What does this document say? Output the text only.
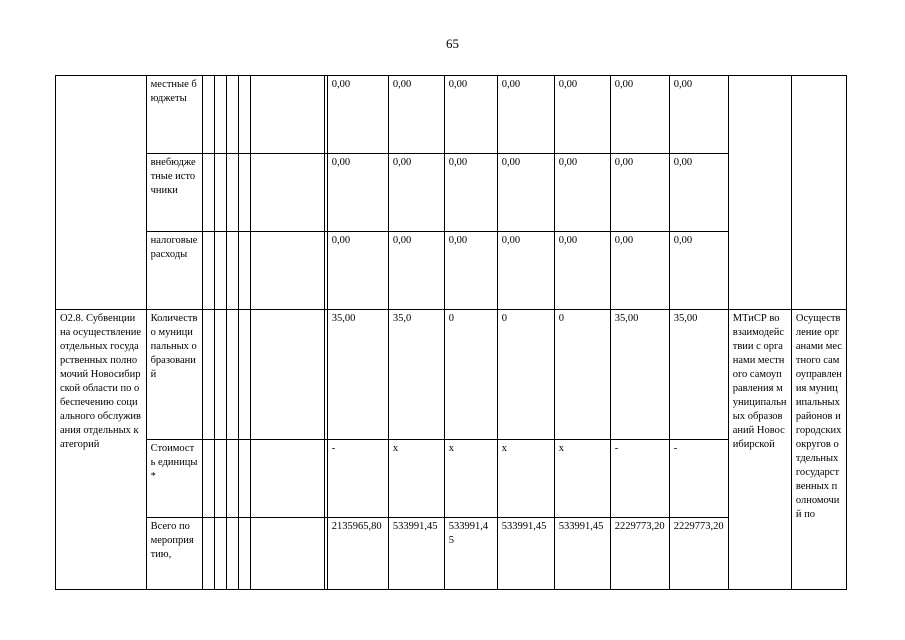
65
	местные бюджеты							0,00	0,00	0,00	0,00	0,00	0,00	0,00		
	внебюджетные источники							0,00	0,00	0,00	0,00	0,00	0,00	0,00		
	налоговые расходы							0,00	0,00	0,00	0,00	0,00	0,00	0,00		
О2.8. Субвенции на осуществление отдельных государственных полномочий Новосибирской области по обеспечению социального обслуживания отдельных категорий	Количество муниципальных образований							35,00	35,0	0	0	0	35,00	35,00	МТиСР во взаимодействии с органами местного самоуправления муниципальных образований Новосибирской	Осуществление органами местного самоуправления муниципальных районов и городских округов отдельных государственных полномочий по
	Стоимость единицы*							-	х	х	х	х	-	-		
	Всего по мероприятию,							2135965,80	533991,45	533991,45	533991,45	533991,45	2229773,20	2229773,20		
